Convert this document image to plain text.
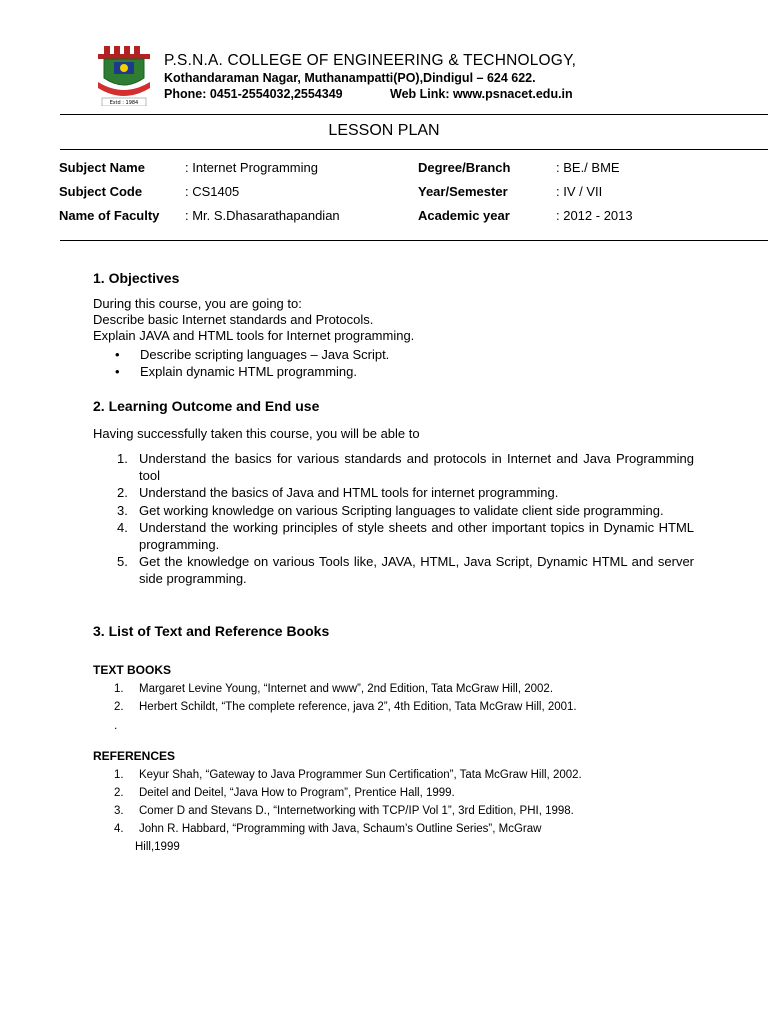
Estd : 1984
P.S.N.A. COLLEGE OF ENGINEERING & TECHNOLOGY,
Kothandaraman Nagar, Muthanampatti(PO),Dindigul – 624 622.
Phone: 0451-2554032,2554349	Web Link: www.psnacet.edu.in
LESSON PLAN
Subject Name	: Internet Programming	Degree/Branch	: BE./ BME
Subject Code	: CS1405	Year/Semester	: IV / VII
Name of Faculty : Mr. S.Dhasarathapandian	Academic year	: 2012 - 2013
1. Objectives
During this course, you are going to:
Describe basic Internet standards and Protocols.
Explain JAVA and HTML tools for Internet programming.
• Describe scripting languages – Java Script.
• Explain dynamic HTML programming.
2. Learning Outcome and End use
Having successfully taken this course, you will be able to
1. Understand the basics for various standards and protocols in Internet and Java Programming tool
2. Understand the basics of Java and HTML tools for internet programming.
3. Get working knowledge on various Scripting languages to validate client side programming.
4. Understand the working principles of style sheets and other important topics in Dynamic HTML programming.
5. Get the knowledge on various Tools like, JAVA, HTML, Java Script, Dynamic HTML and server side programming.
3. List of Text and Reference Books
TEXT BOOKS
1. Margaret Levine Young, “Internet and www”, 2nd Edition, Tata McGraw Hill, 2002.
2. Herbert Schildt, “The complete reference, java 2”, 4th Edition, Tata McGraw Hill, 2001.
.
REFERENCES
1. Keyur Shah, “Gateway to Java Programmer Sun Certification”, Tata McGraw Hill, 2002.
2. Deitel and Deitel, “Java How to Program”, Prentice Hall, 1999.
3. Comer D and Stevans D., “Internetworking with TCP/IP Vol 1”, 3rd Edition, PHI, 1998.
4. John R. Habbard, “Programming with Java, Schaum’s Outline Series”, McGraw
Hill,1999
